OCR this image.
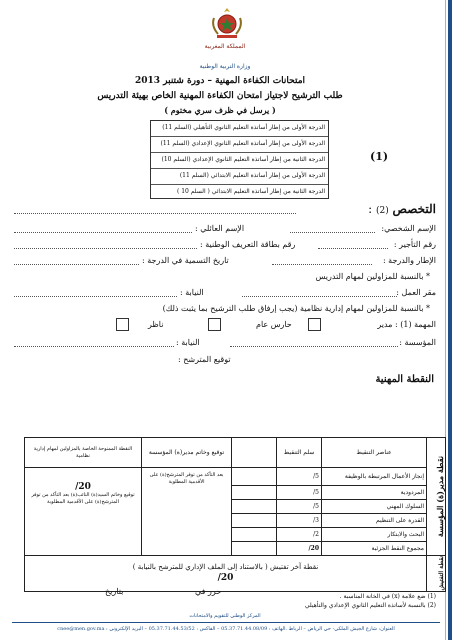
المملكة المغربية
وزارة التربية الوطنية
امتحانات الكفاءة المهنية – دورة شتنبر 2013
طلب الترشيح لاجتياز امتحان الكفاءة المهنية الخاص بهيئة التدريس
( يرسل في ظرف سري مختوم )
الدرجة الأولى من إطار أساتذة التعليم الثانوي التأهيلي (السلم 11)
الدرجة الأولى من إطار أساتذة التعليم الثانوي الإعدادي (السلم 11)
الدرجة الثانية من إطار أساتذة التعليم الثانوي الإعدادي (السلم 10)
الدرجة الأولى من إطار أساتذة التعليم الابتدائي (السلم 11)
الدرجة الثانية من إطار أساتذة التعليم الابتدائي ( السلم 10 )
(1)
التخصص (2) :
الإسم الشخصي:
الإسم العائلي :
رقم التأجير :
رقم بطاقة التعريف الوطنية :
الإطار والدرجة :
تاريخ التسمية في الدرجة :
* بالنسبة للمزاولين لمهام التدريس
مقر العمل :
النيابة :
* بالنسبة للمزاولين لمهام إدارية نظامية (يجب إرفاق طلب الترشيح بما يثبت ذلك)
المهمة (1) : مدير
حارس عام
ناظر
المؤسسة :
النيابة :
توقيع المترشح :
النقطة المهنية
نقطة مدير(ة) المؤسسة	عناصر التنقيط	سلم التنقيط		توقيع وخاتم مدير(ة) المؤسسة	النقطة الممنوحة الخاصة بالمزاولين لمهام إدارية نظامية
	إنجاز الأعمال المرتبطة بالوظيفة	5/		بعد التأكد من توفر المترشح(ة) على الأقدمية المطلوبة	20/
توقيع وخاتم السيد(ة) النائب(ة) بعد التأكد من توفر المترشح(ة) على الأقدمية المطلوبة

	المردودية	5/			
	السلوك المهني	5/			
	القدرة على التنظيم	3/			
	البحث والابتكار	2/			
	مجموع النقط الجزئية	20/			
نقطة التفتيش

نقطة آخر تفتيش ( بالاستناد إلى الملف الإداري للمترشح بالنيابة )
20/
حرر في
بتاريخ
(1) ضع علامة (x) في الخانة المناسبة .
(2) بالنسبة لأساتذة التعليم الثانوي الإعدادي والتأهيلي
المركز الوطني للتقويم والامتحانات
العنوان: شارع الجيش الملكي- حي الرياض – الرباط .الهاتف : 05.37.71.44.08/09 – الفاكس : 05.37.71.44.53/52 – البريد الإلكتروني : cnee@men.gov.ma
